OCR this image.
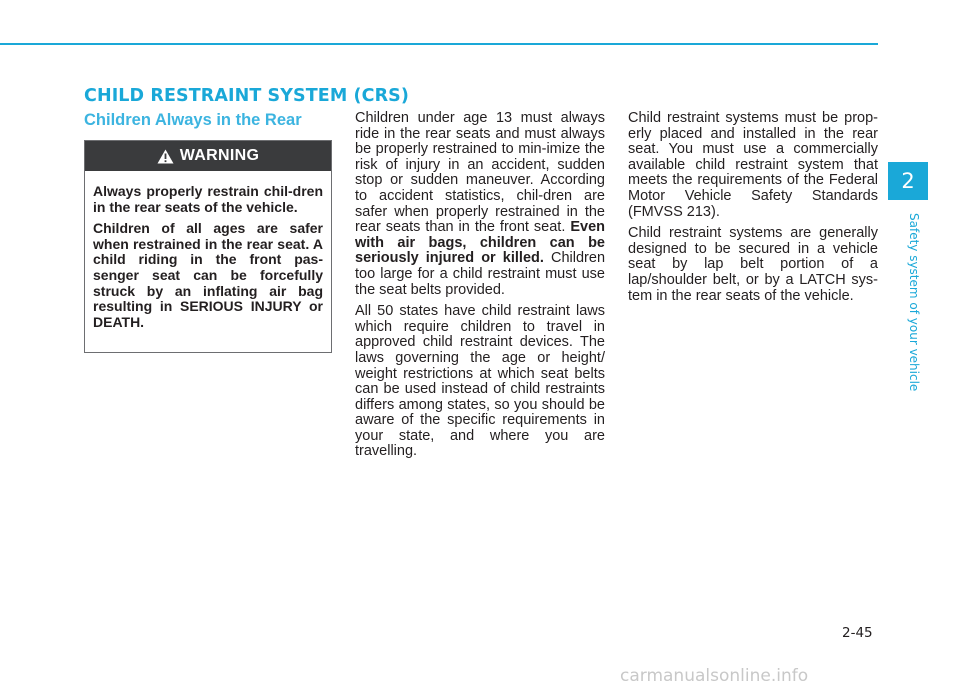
CHILD RESTRAINT SYSTEM (CRS)
Children Always in the Rear
WARNING

Always properly restrain chil-dren in the rear seats of the vehicle.

Children of all ages are safer when restrained in the rear seat. A child riding in the front pas-senger seat can be forcefully struck by an inflating air bag resulting in SERIOUS INJURY or DEATH.

Children under age 13 must always ride in the rear seats and must always be properly restrained to min-imize the risk of injury in an accident, sudden stop or sudden maneuver. According to accident statistics, chil-dren are safer when properly restrained in the rear seats than in the front seat. Even with air bags, children can be seriously injured or killed. Children too large for a child restraint must use the seat belts provided.

All 50 states have child restraint laws which require children to travel in approved child restraint devices. The laws governing the age or height/ weight restrictions at which seat belts can be used instead of child restraints differs among states, so you should be aware of the specific requirements in your state, and where you are travelling.

Child restraint systems must be prop-erly placed and installed in the rear seat. You must use a commercially available child restraint system that meets the requirements of the Federal Motor Vehicle Safety Standards (FMVSS 213).

Child restraint systems are generally designed to be secured in a vehicle seat by lap belt portion of a lap/shoulder belt, or by a LATCH sys-tem in the rear seats of the vehicle.

2
Safety system of your vehicle
2-45
carmanualsonline.info
